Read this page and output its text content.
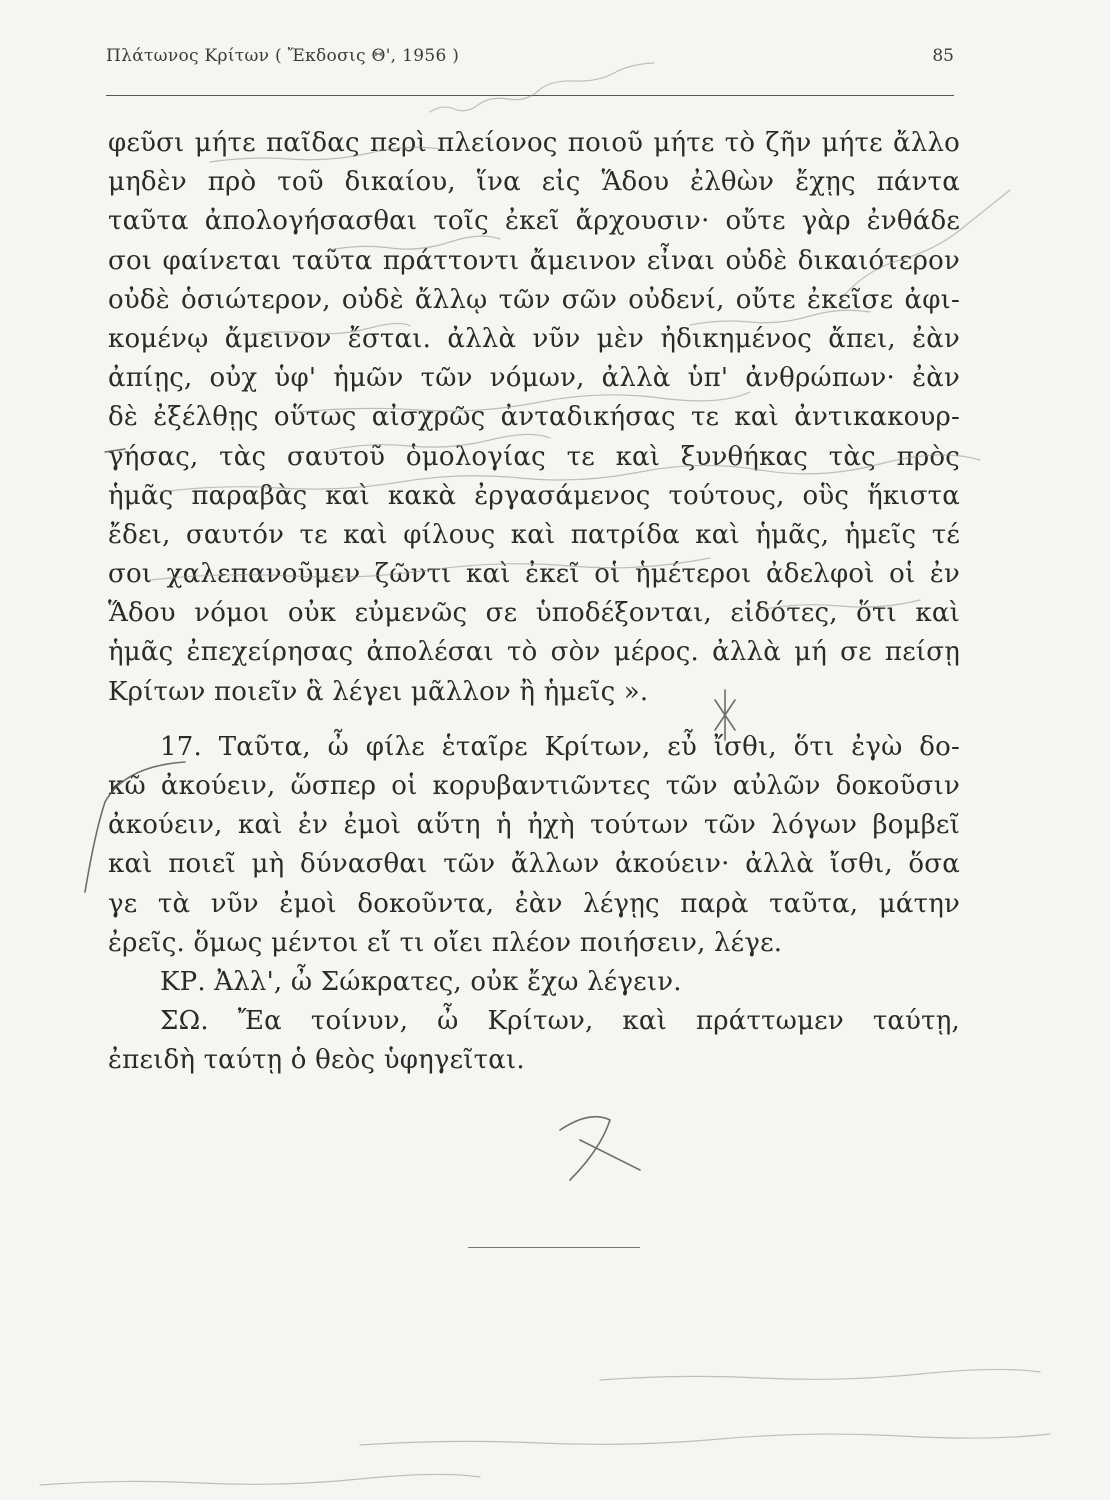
Πλάτωνος Κρίτων ( Ἔκδοσις Θ', 1956 )	85
φεῦσι μήτε παῖδας περὶ πλείονος ποιοῦ μήτε τὸ ζῆν μήτε ἄλλο
μηδὲν πρὸ τοῦ δικαίου, ἵνα εἰς Ἅδου ἐλθὼν ἔχῃς πάντα
ταῦτα ἀπολογήσασθαι τοῖς ἐκεῖ ἄρχουσιν· οὔτε γὰρ ἐνθάδε
σοι φαίνεται ταῦτα πράττοντι ἄμεινον εἶναι οὐδὲ δικαιότερον
οὐδὲ ὁσιώτερον, οὐδὲ ἄλλῳ τῶν σῶν οὐδενί, οὔτε ἐκεῖσε ἀφι-
κομένῳ ἄμεινον ἔσται. ἀλλὰ νῦν μὲν ἠδικημένος ἄπει, ἐὰν
ἀπίῃς, οὐχ ὑφ' ἡμῶν τῶν νόμων, ἀλλὰ ὑπ' ἀνθρώπων· ἐὰν
δὲ ἐξέλθῃς οὕτως αἰσχρῶς ἀνταδικήσας τε καὶ ἀντικακουρ-
γήσας, τὰς σαυτοῦ ὁμολογίας τε καὶ ξυνθήκας τὰς πρὸς
ἡμᾶς παραβὰς καὶ κακὰ ἐργασάμενος τούτους, οὓς ἥκιστα
ἔδει, σαυτόν τε καὶ φίλους καὶ πατρίδα καὶ ἡμᾶς, ἡμεῖς τέ
σοι χαλεπανοῦμεν ζῶντι καὶ ἐκεῖ οἱ ἡμέτεροι ἀδελφοὶ οἱ ἐν
Ἅδου νόμοι οὐκ εὐμενῶς σε ὑποδέξονται, εἰδότες, ὅτι καὶ
ἡμᾶς ἐπεχείρησας ἀπολέσαι τὸ σὸν μέρος. ἀλλὰ μή σε πείσῃ
Κρίτων ποιεῖν ἃ λέγει μᾶλλον ἢ ἡμεῖς ».
17. Ταῦτα, ὦ φίλε ἑταῖρε Κρίτων, εὖ ἴσθι, ὅτι ἐγὼ δο-
κῶ ἀκούειν, ὥσπερ οἱ κορυβαντιῶντες τῶν αὐλῶν δοκοῦσιν
ἀκούειν, καὶ ἐν ἐμοὶ αὕτη ἡ ἠχὴ τούτων τῶν λόγων βομβεῖ
καὶ ποιεῖ μὴ δύνασθαι τῶν ἄλλων ἀκούειν· ἀλλὰ ἴσθι, ὅσα
γε τὰ νῦν ἐμοὶ δοκοῦντα, ἐὰν λέγῃς παρὰ ταῦτα, μάτην
ἐρεῖς. ὅμως μέντοι εἴ τι οἴει πλέον ποιήσειν, λέγε.
ΚΡ. Ἀλλ', ὦ Σώκρατες, οὐκ ἔχω λέγειν.
ΣΩ. Ἔα τοίνυν, ὦ Κρίτων, καὶ πράττωμεν ταύτῃ,
ἐπειδὴ ταύτῃ ὁ θεὸς ὑφηγεῖται.
